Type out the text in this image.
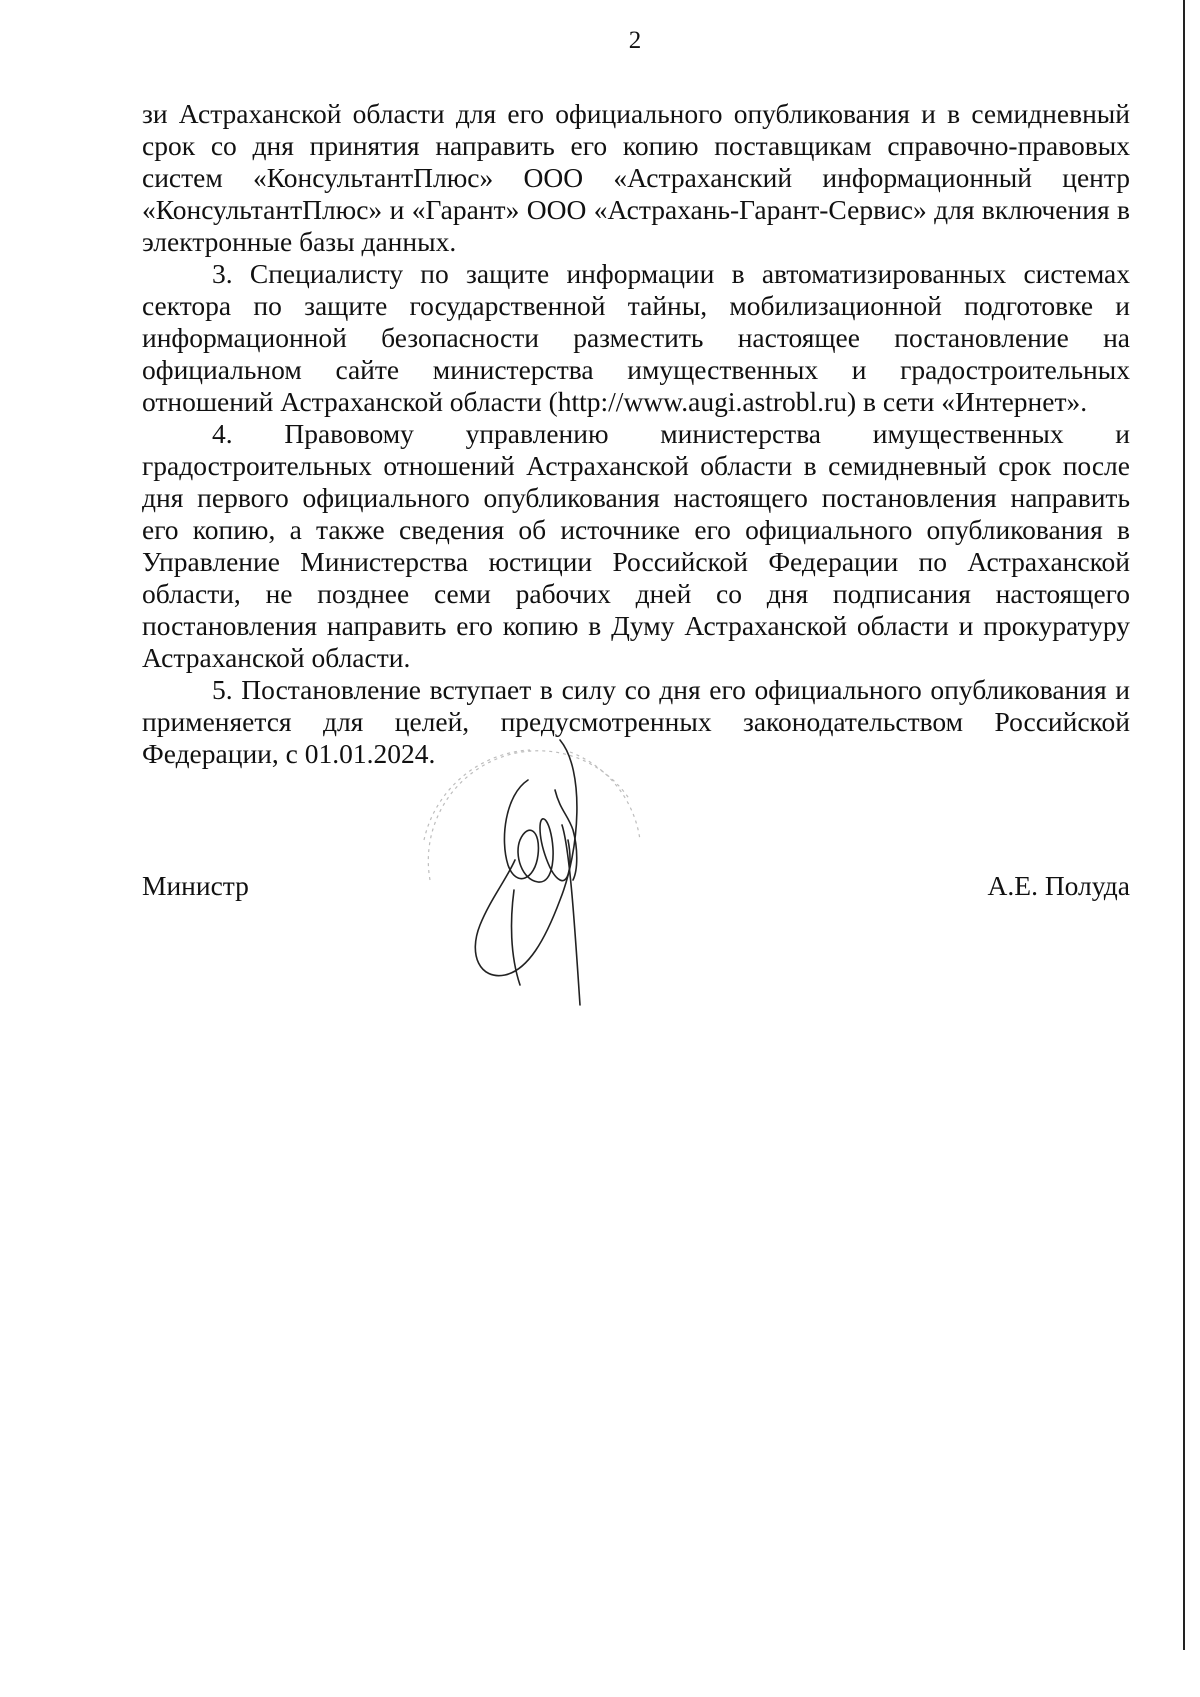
2

зи Астраханской области для его официального опубликования и в семидневный срок со дня принятия направить его копию поставщикам справочно-правовых систем «КонсультантПлюс» ООО «Астраханский информационный центр «КонсультантПлюс» и «Гарант» ООО «Астрахань-Гарант-Сервис» для включения в электронные базы данных.

3. Специалисту по защите информации в автоматизированных системах сектора по защите государственной тайны, мобилизационной подготовке и информационной безопасности разместить настоящее постановление на официальном сайте министерства имущественных и градостроительных отношений Астраханской области (http://www.augi.astrobl.ru) в сети «Интернет».

4. Правовому управлению министерства имущественных и градостроительных отношений Астраханской области в семидневный срок после дня первого официального опубликования настоящего постановления направить его копию, а также сведения об источнике его официального опубликования в Управление Министерства юстиции Российской Федерации по Астраханской области, не позднее семи рабочих дней со дня подписания настоящего постановления направить его копию в Думу Астраханской области и прокуратуру Астраханской области.

5. Постановление вступает в силу со дня его официального опубликования и применяется для целей, предусмотренных законодательством Российской Федерации, с 01.01.2024.

Министр	А.Е. Полуда
